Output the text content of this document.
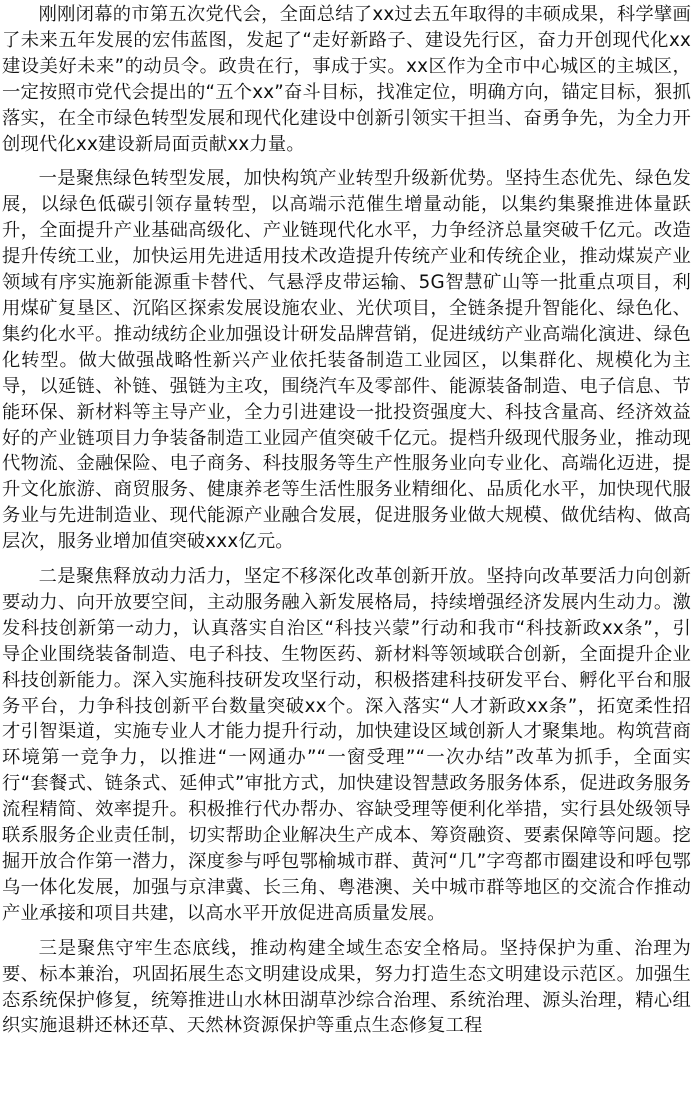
刚刚闭幕的市第五次党代会，全面总结了xx过去五年取得的丰硕成果，科学擘画了未来五年发展的宏伟蓝图，发起了“走好新路子、建设先行区，奋力开创现代化xx建设美好未来”的动员令。政贵在行，事成于实。xx区作为全市中心城区的主城区，一定按照市党代会提出的“五个xx”奋斗目标，找准定位，明确方向，锚定目标，狠抓落实，在全市绿色转型发展和现代化建设中创新引领实干担当、奋勇争先，为全力开创现代化xx建设新局面贡献xx力量。

一是聚焦绿色转型发展，加快构筑产业转型升级新优势。坚持生态优先、绿色发展，以绿色低碳引领存量转型，以高端示范催生增量动能，以集约集聚推进体量跃升，全面提升产业基础高级化、产业链现代化水平，力争经济总量突破千亿元。改造提升传统工业，加快运用先进适用技术改造提升传统产业和传统企业，推动煤炭产业领域有序实施新能源重卡替代、气悬浮皮带运输、5G智慧矿山等一批重点项目，利用煤矿复垦区、沉陷区探索发展设施农业、光伏项目，全链条提升智能化、绿色化、集约化水平。推动绒纺企业加强设计研发品牌营销，促进绒纺产业高端化演进、绿色化转型。做大做强战略性新兴产业依托装备制造工业园区，以集群化、规模化为主导，以延链、补链、强链为主攻，围绕汽车及零部件、能源装备制造、电子信息、节能环保、新材料等主导产业，全力引进建设一批投资强度大、科技含量高、经济效益好的产业链项目力争装备制造工业园产值突破千亿元。提档升级现代服务业，推动现代物流、金融保险、电子商务、科技服务等生产性服务业向专业化、高端化迈进，提升文化旅游、商贸服务、健康养老等生活性服务业精细化、品质化水平，加快现代服务业与先进制造业、现代能源产业融合发展，促进服务业做大规模、做优结构、做高层次，服务业增加值突破xxx亿元。

二是聚焦释放动力活力，坚定不移深化改革创新开放。坚持向改革要活力向创新要动力、向开放要空间，主动服务融入新发展格局，持续增强经济发展内生动力。激发科技创新第一动力，认真落实自治区“科技兴蒙”行动和我市“科技新政xx条”，引导企业围绕装备制造、电子科技、生物医药、新材料等领域联合创新，全面提升企业科技创新能力。深入实施科技研发攻坚行动，积极搭建科技研发平台、孵化平台和服务平台，力争科技创新平台数量突破xx个。深入落实“人才新政xx条”，拓宽柔性招才引智渠道，实施专业人才能力提升行动，加快建设区域创新人才聚集地。构筑营商环境第一竞争力，以推进“一网通办”“一窗受理”“一次办结”改革为抓手，全面实行“套餐式、链条式、延伸式”审批方式，加快建设智慧政务服务体系，促进政务服务流程精简、效率提升。积极推行代办帮办、容缺受理等便利化举措，实行县处级领导联系服务企业责任制，切实帮助企业解决生产成本、筹资融资、要素保障等问题。挖掘开放合作第一潜力，深度参与呼包鄂榆城市群、黄河“几”字弯都市圈建设和呼包鄂乌一体化发展，加强与京津冀、长三角、粤港澳、关中城市群等地区的交流合作推动产业承接和项目共建，以高水平开放促进高质量发展。

三是聚焦守牢生态底线，推动构建全域生态安全格局。坚持保护为重、治理为要、标本兼治，巩固拓展生态文明建设成果，努力打造生态文明建设示范区。加强生态系统保护修复，统筹推进山水林田湖草沙综合治理、系统治理、源头治理，精心组织实施退耕还林还草、天然林资源保护等重点生态修复工程
